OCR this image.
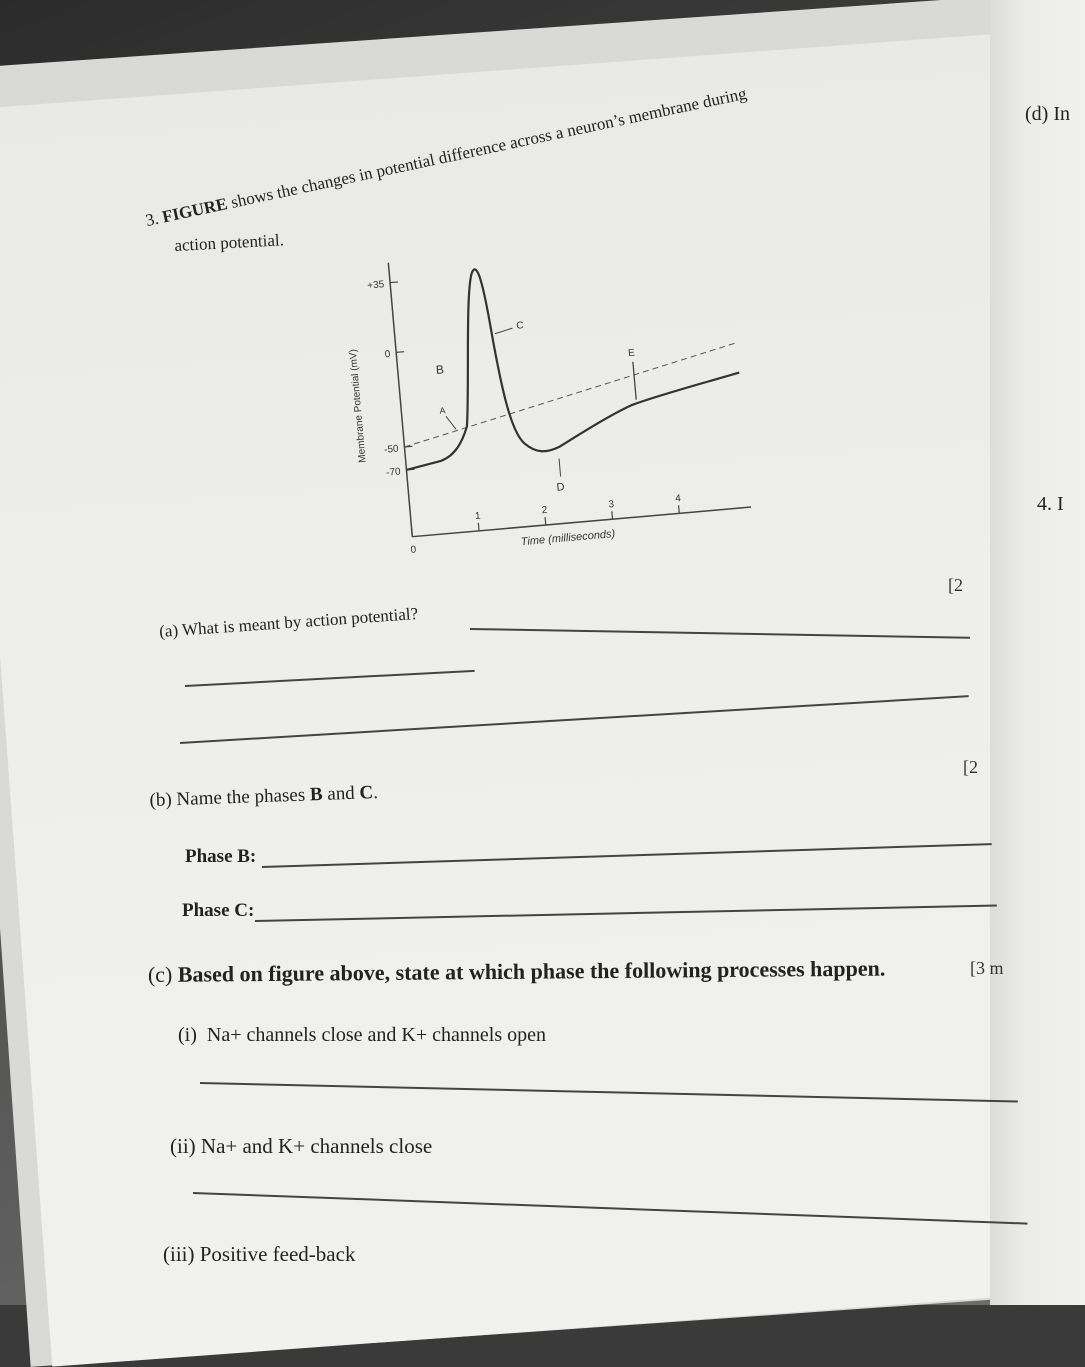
3. FIGURE shows the changes in potential difference across a neuron’s membrane during
action potential.
+35
0
-50
-70
Membrane Potential (mV)
0
1
2
3
4
Time (milliseconds)
A
B
C
D
E
[2
[2
[3 m
(a) What is meant by action potential?
(b) Name the phases B and C.
Phase B:
Phase C:
(c) Based on figure above, state at which phase the following processes happen.
(i) Na+ channels close and K+ channels open
(ii) Na+ and K+ channels close
(iii) Positive feed-back
(d) In
4. I
